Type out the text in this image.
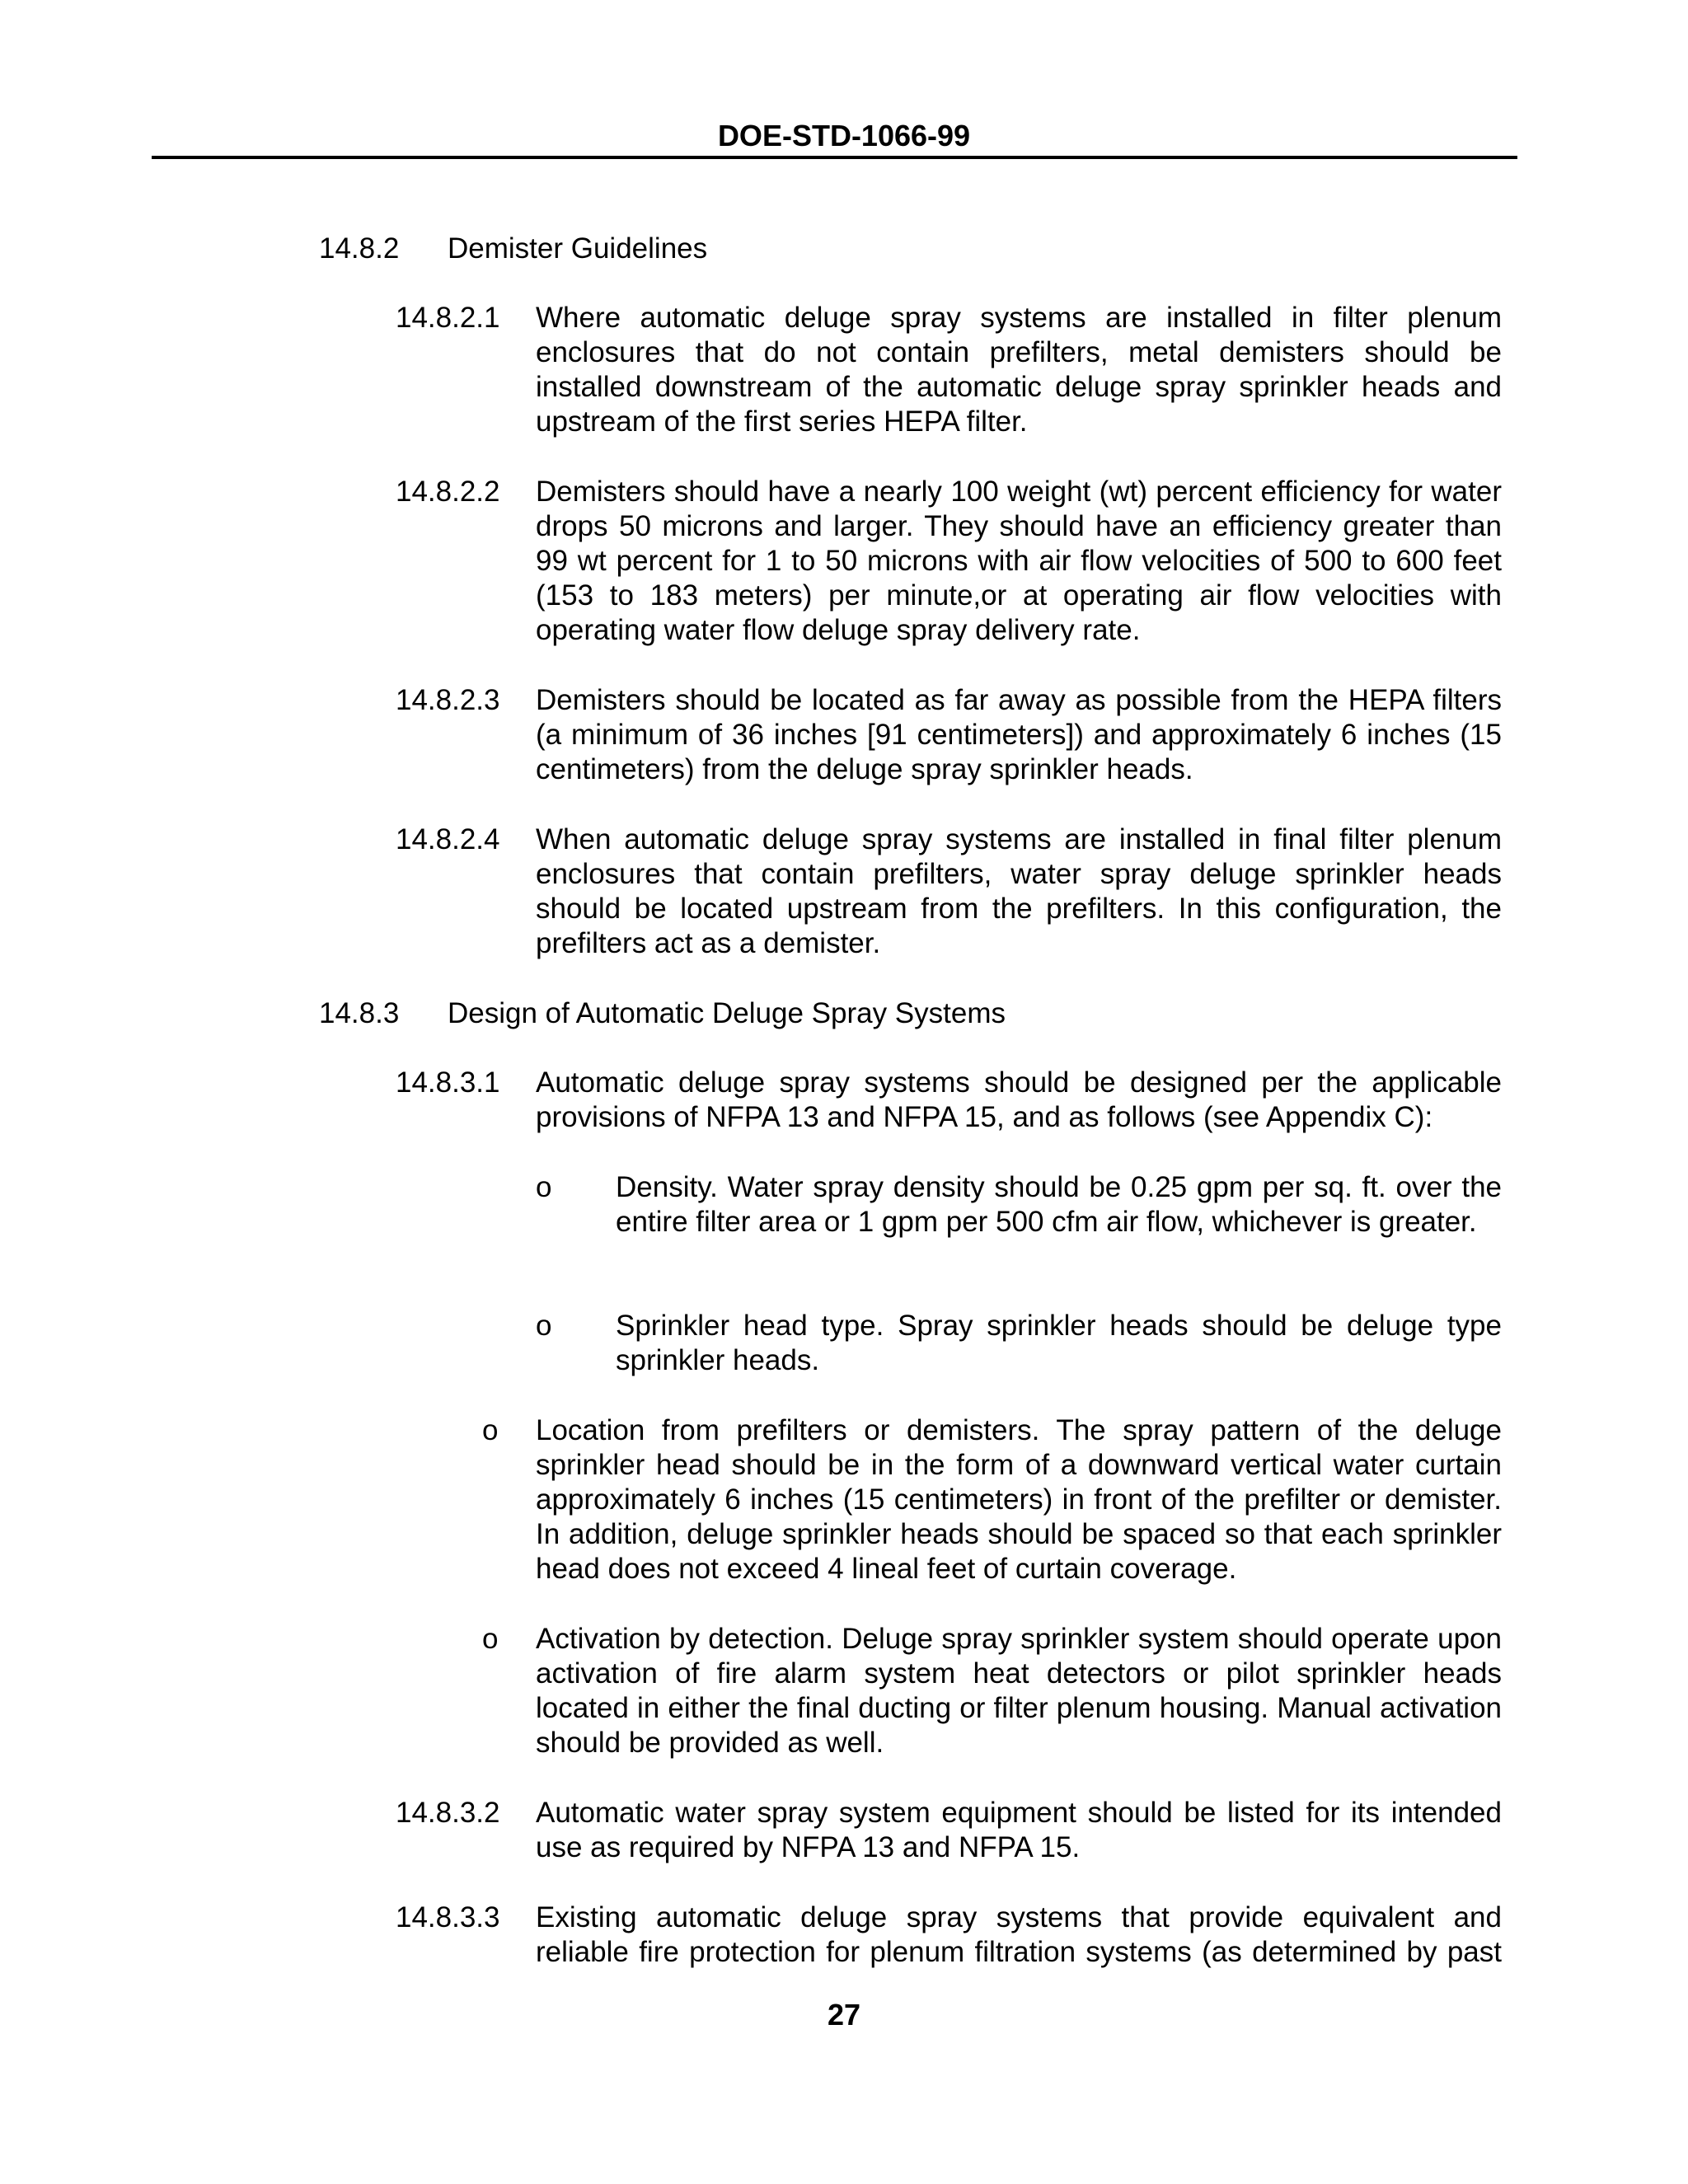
DOE-STD-1066-99
14.8.2 Demister Guidelines
14.8.2.1 Where automatic deluge spray systems are installed in filter plenum enclosures that do not contain prefilters, metal demisters should be installed downstream of the automatic deluge spray sprinkler heads and upstream of the first series HEPA filter.
14.8.2.2 Demisters should have a nearly 100 weight (wt) percent efficiency for water drops 50 microns and larger. They should have an efficiency greater than 99 wt percent for 1 to 50 microns with air flow velocities of 500 to 600 feet (153 to 183 meters) per minute,or at operating air flow velocities with operating water flow deluge spray delivery rate.
14.8.2.3 Demisters should be located as far away as possible from the HEPA filters (a minimum of 36 inches [91 centimeters]) and approximately 6 inches (15 centimeters) from the deluge spray sprinkler heads.
14.8.2.4 When automatic deluge spray systems are installed in final filter plenum enclosures that contain prefilters, water spray deluge sprinkler heads should be located upstream from the prefilters. In this configuration, the prefilters act as a demister.
14.8.3 Design of Automatic Deluge Spray Systems
14.8.3.1 Automatic deluge spray systems should be designed per the applicable provisions of NFPA 13 and NFPA 15, and as follows (see Appendix C):
o Density. Water spray density should be 0.25 gpm per sq. ft. over the entire filter area or 1 gpm per 500 cfm air flow, whichever is greater.
o Sprinkler head type. Spray sprinkler heads should be deluge type sprinkler heads.
o Location from prefilters or demisters. The spray pattern of the deluge sprinkler head should be in the form of a downward vertical water curtain approximately 6 inches (15 centimeters) in front of the prefilter or demister. In addition, deluge sprinkler heads should be spaced so that each sprinkler head does not exceed 4 lineal feet of curtain coverage.
o Activation by detection. Deluge spray sprinkler system should operate upon activation of fire alarm system heat detectors or pilot sprinkler heads located in either the final ducting or filter plenum housing. Manual activation should be provided as well.
14.8.3.2 Automatic water spray system equipment should be listed for its intended use as required by NFPA 13 and NFPA 15.
14.8.3.3 Existing automatic deluge spray systems that provide equivalent and reliable fire protection for plenum filtration systems (as determined by past
27
